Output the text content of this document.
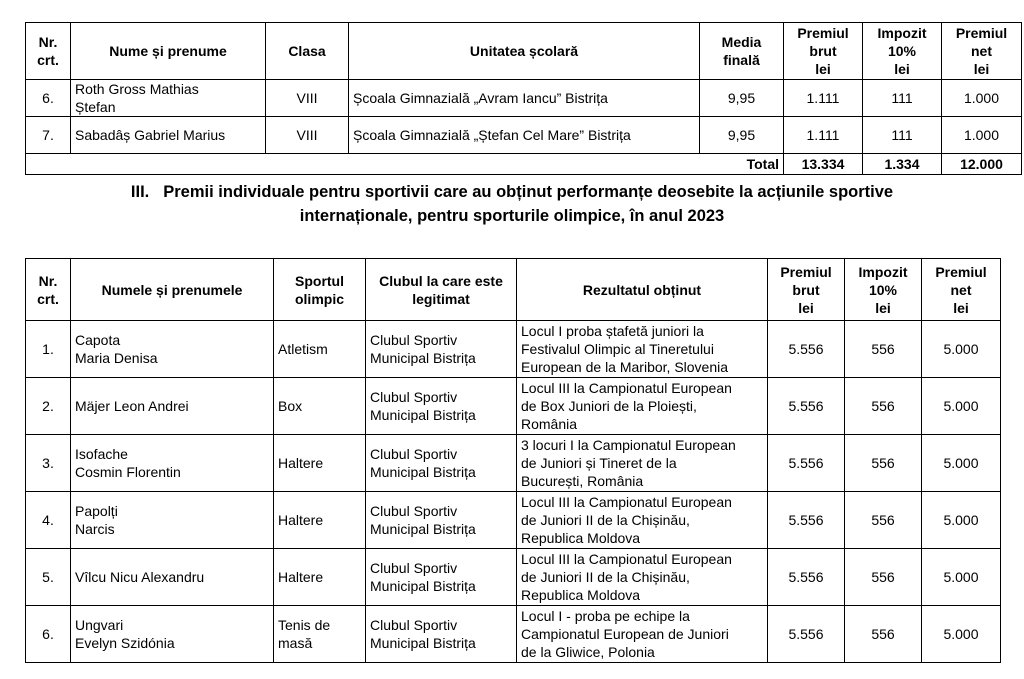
Nr.
crt.	Nume și prenume	Clasa	Unitatea școlară	Media
finală	Premiul
brut
lei	Impozit
10%
lei	Premiul
net
lei
6.	Roth Gross Mathias
Ștefan	VIII	Școala Gimnazială „Avram Iancu” Bistrița	9,95	1.111	111	1.000
7.	Sabadâș Gabriel Marius	VIII	Școala Gimnazială „Ștefan Cel Mare” Bistrița	9,95	1.111	111	1.000
Total					13.334	1.334	12.000
III. Premii individuale pentru sportivii care au obținut performanțe deosebite la acțiunile sportive
internaționale, pentru sporturile olimpice, în anul 2023
Nr.
crt.	Numele și prenumele	Sportul
olimpic	Clubul la care este
legitimat	Rezultatul obținut	Premiul
brut
lei	Impozit
10%
lei	Premiul
net
lei
1.	Capota
Maria Denisa	Atletism	Clubul Sportiv
Municipal Bistrița	Locul I proba ștafetă juniori la
Festivalul Olimpic al Tineretului
European de la Maribor, Slovenia	5.556	556	5.000
2.	Mäjer Leon Andrei	Box	Clubul Sportiv
Municipal Bistrița	Locul III la Campionatul European
de Box Juniori de la Ploiești,
România	5.556	556	5.000
3.	Isofache
Cosmin Florentin	Haltere	Clubul Sportiv
Municipal Bistrița	3 locuri I la Campionatul European
de Juniori și Tineret de la
București, România	5.556	556	5.000
4.	Papolți
Narcis	Haltere	Clubul Sportiv
Municipal Bistrița	Locul III la Campionatul European
de Juniori II de la Chișinău,
Republica Moldova	5.556	556	5.000
5.	Vîlcu Nicu Alexandru	Haltere	Clubul Sportiv
Municipal Bistrița	Locul III la Campionatul European
de Juniori II de la Chișinău,
Republica Moldova	5.556	556	5.000
6.	Ungvari
Evelyn Szidónia	Tenis de
masă	Clubul Sportiv
Municipal Bistrița	Locul I - proba pe echipe la
Campionatul European de Juniori
de la Gliwice, Polonia	5.556	556	5.000
